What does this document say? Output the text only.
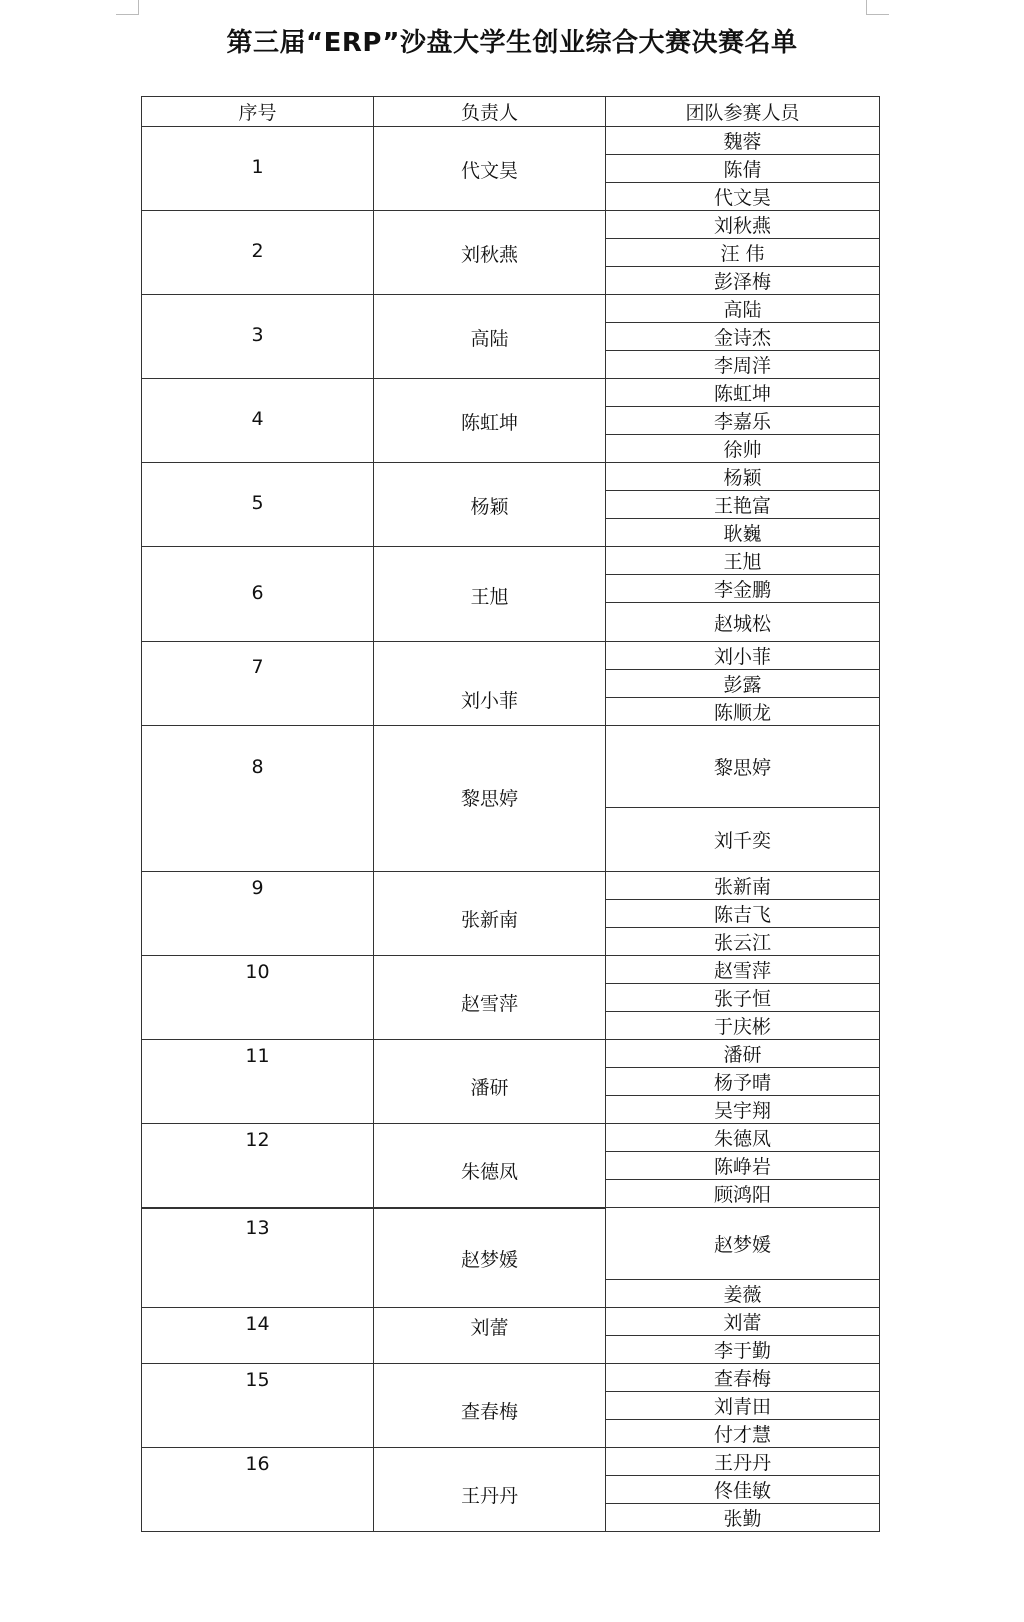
第三届“ERP”沙盘大学生创业综合大赛决赛名单
序号	负责人	团队参赛人员

1	代文昊	魏蓉
		陈倩
		代文昊

2	刘秋燕	刘秋燕
		汪 伟
		彭泽梅

3	高陆	高陆
		金诗杰
		李周洋

4	陈虹坤	陈虹坤
		李嘉乐
		徐帅

5	杨颖	杨颖
		王艳富
		耿巍

6	王旭	王旭
		李金鹏
		赵城松

7	刘小菲	刘小菲
		彭露
		陈顺龙

8	黎思婷	黎思婷
		刘千奕

9	张新南	张新南
		陈吉飞
		张云江

10	赵雪萍	赵雪萍
		张子恒
		于庆彬

11	潘研	潘研
		杨予晴
		吴宇翔

12	朱德凤	朱德凤
		陈峥岩
		顾鸿阳

13	赵梦媛	赵梦媛
		姜薇

14	刘蕾	刘蕾
		李于勤

15	查春梅	查春梅
		刘青田
		付才慧

16	王丹丹	王丹丹
		佟佳敏
		张勤
